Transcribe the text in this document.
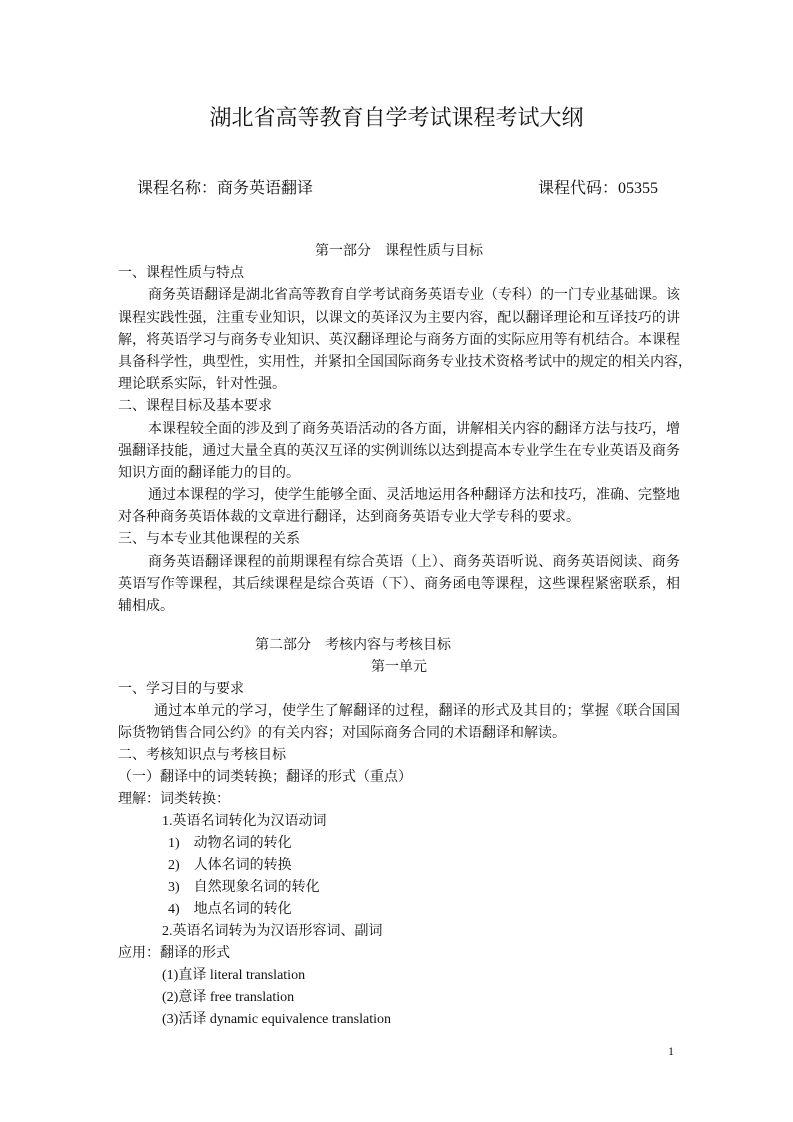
湖北省高等教育自学考试课程考试大纲
课程名称：商务英语翻译	课程代码：05355
第一部分　课程性质与目标
一、课程性质与特点
商务英语翻译是湖北省高等教育自学考试商务英语专业（专科）的一门专业基础课。该
课程实践性强，注重专业知识，以课文的英译汉为主要内容，配以翻译理论和互译技巧的讲
解，将英语学习与商务专业知识、英汉翻译理论与商务方面的实际应用等有机结合。本课程
具备科学性，典型性，实用性，并紧扣全国国际商务专业技术资格考试中的规定的相关内容，
理论联系实际，针对性强。
二、课程目标及基本要求
本课程较全面的涉及到了商务英语活动的各方面，讲解相关内容的翻译方法与技巧，增
强翻译技能，通过大量全真的英汉互译的实例训练以达到提高本专业学生在专业英语及商务
知识方面的翻译能力的目的。
通过本课程的学习，使学生能够全面、灵活地运用各种翻译方法和技巧，准确、完整地
对各种商务英语体裁的文章进行翻译，达到商务英语专业大学专科的要求。
三、与本专业其他课程的关系
商务英语翻译课程的前期课程有综合英语（上）、商务英语听说、商务英语阅读、商务
英语写作等课程，其后续课程是综合英语（下）、商务函电等课程，这些课程紧密联系，相
辅相成。
第二部分　考核内容与考核目标
第一单元
一、学习目的与要求
通过本单元的学习，使学生了解翻译的过程，翻译的形式及其目的；掌握《联合国国
际货物销售合同公约》的有关内容；对国际商务合同的术语翻译和解读。
二、考核知识点与考核目标
（一）翻译中的词类转换；翻译的形式（重点）
理解：词类转换：
1.英语名词转化为汉语动词
1)　动物名词的转化
2)　人体名词的转换
3)　自然现象名词的转化
4)　地点名词的转化
2.英语名词转为为汉语形容词、副词
应用：翻译的形式
(1)直译 literal translation
(2)意译 free translation
(3)活译 dynamic equivalence translation
1
